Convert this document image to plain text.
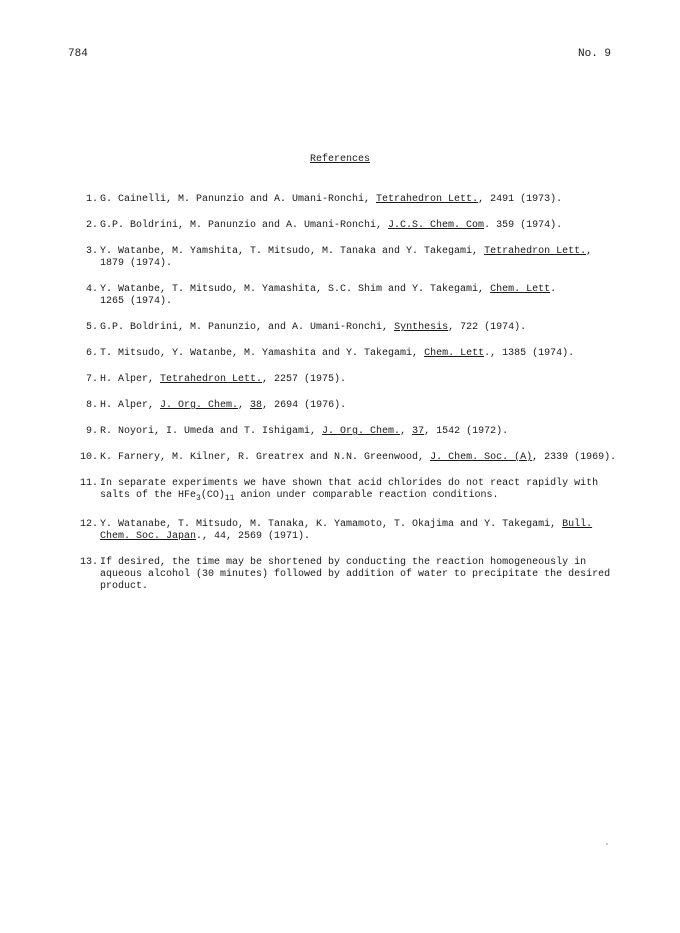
784	No. 9
References
1. G. Cainelli, M. Panunzio and A. Umani-Ronchi, Tetrahedron Lett., 2491 (1973).
2. G.P. Boldrini, M. Panunzio and A. Umani-Ronchi, J.C.S. Chem. Com. 359 (1974).
3. Y. Watanbe, M. Yamshita, T. Mitsudo, M. Tanaka and Y. Takegami, Tetrahedron Lett.,
1879 (1974).
4. Y. Watanbe, T. Mitsudo, M. Yamashita, S.C. Shim and Y. Takegami, Chem. Lett.
1265 (1974).
5. G.P. Boldrini, M. Panunzio, and A. Umani-Ronchi, Synthesis, 722 (1974).
6. T. Mitsudo, Y. Watanbe, M. Yamashita and Y. Takegami, Chem. Lett., 1385 (1974).
7. H. Alper, Tetrahedron Lett., 2257 (1975).
8. H. Alper, J. Org. Chem., 38, 2694 (1976).
9. R. Noyori, I. Umeda and T. Ishigami, J. Org. Chem., 37, 1542 (1972).
10. K. Farnery, M. Kilner, R. Greatrex and N.N. Greenwood, J. Chem. Soc. (A), 2339 (1969).
11. In separate experiments we have shown that acid chlorides do not react rapidly with
salts of the $HFe_3(CO)_{11}$ anion under comparable reaction conditions.
12. Y. Watanabe, T. Mitsudo, M. Tanaka, K. Yamamoto, T. Okajima and Y. Takegami, Bull.
Chem. Soc. Japan., 44, 2569 (1971).
13. If desired, the time may be shortened by conducting the reaction homogeneously in
aqueous alcohol (30 minutes) followed by addition of water to precipitate the desired
product.
